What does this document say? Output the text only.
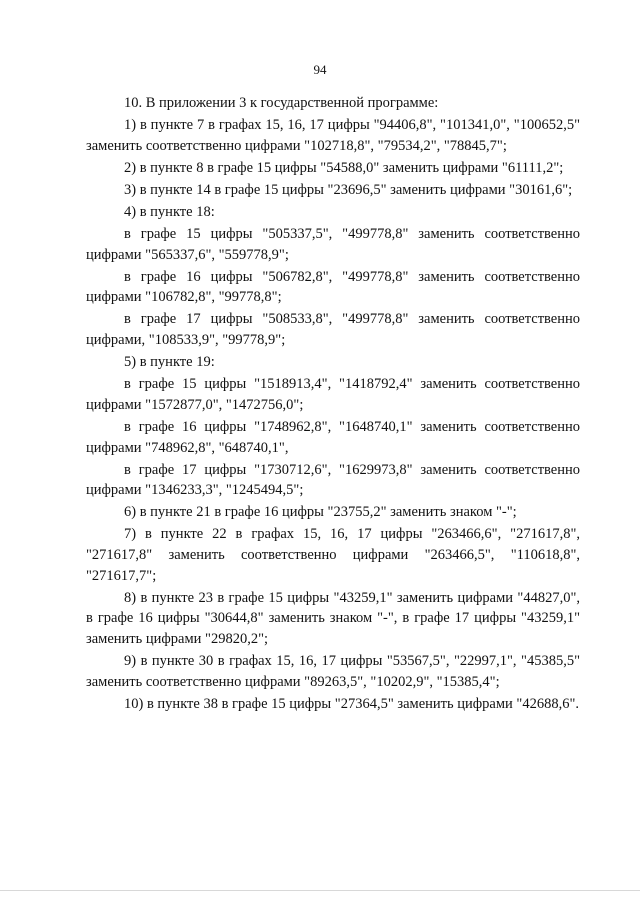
94

10. В приложении 3 к государственной программе:

1) в пункте 7 в графах 15, 16, 17 цифры "94406,8", "101341,0", "100652,5" заменить соответственно цифрами "102718,8", "79534,2", "78845,7";

2) в пункте 8 в графе 15 цифры "54588,0" заменить цифрами "61111,2";

3) в пункте 14 в графе 15 цифры "23696,5" заменить цифрами "30161,6";

4) в пункте 18:

в графе 15 цифры "505337,5", "499778,8" заменить соответственно цифрами "565337,6", "559778,9";

в графе 16 цифры "506782,8", "499778,8" заменить соответственно цифрами "106782,8", "99778,8";

в графе 17 цифры "508533,8", "499778,8" заменить соответственно цифрами, "108533,9", "99778,9";

5) в пункте 19:

в графе 15 цифры "1518913,4", "1418792,4" заменить соответственно цифрами "1572877,0", "1472756,0";

в графе 16 цифры "1748962,8", "1648740,1" заменить соответственно цифрами "748962,8", "648740,1",

в графе 17 цифры "1730712,6", "1629973,8" заменить соответственно цифрами "1346233,3", "1245494,5";

6) в пункте 21 в графе 16 цифры "23755,2" заменить знаком "-";

7) в пункте 22 в графах 15, 16, 17 цифры "263466,6", "271617,8", "271617,8" заменить соответственно цифрами "263466,5", "110618,8", "271617,7";

8) в пункте 23 в графе 15 цифры "43259,1" заменить цифрами "44827,0", в графе 16 цифры "30644,8" заменить знаком "-", в графе 17 цифры "43259,1" заменить цифрами "29820,2";

9) в пункте 30 в графах 15, 16, 17 цифры "53567,5", "22997,1", "45385,5" заменить соответственно цифрами "89263,5", "10202,9", "15385,4";

10) в пункте 38 в графе 15 цифры "27364,5" заменить цифрами "42688,6".
